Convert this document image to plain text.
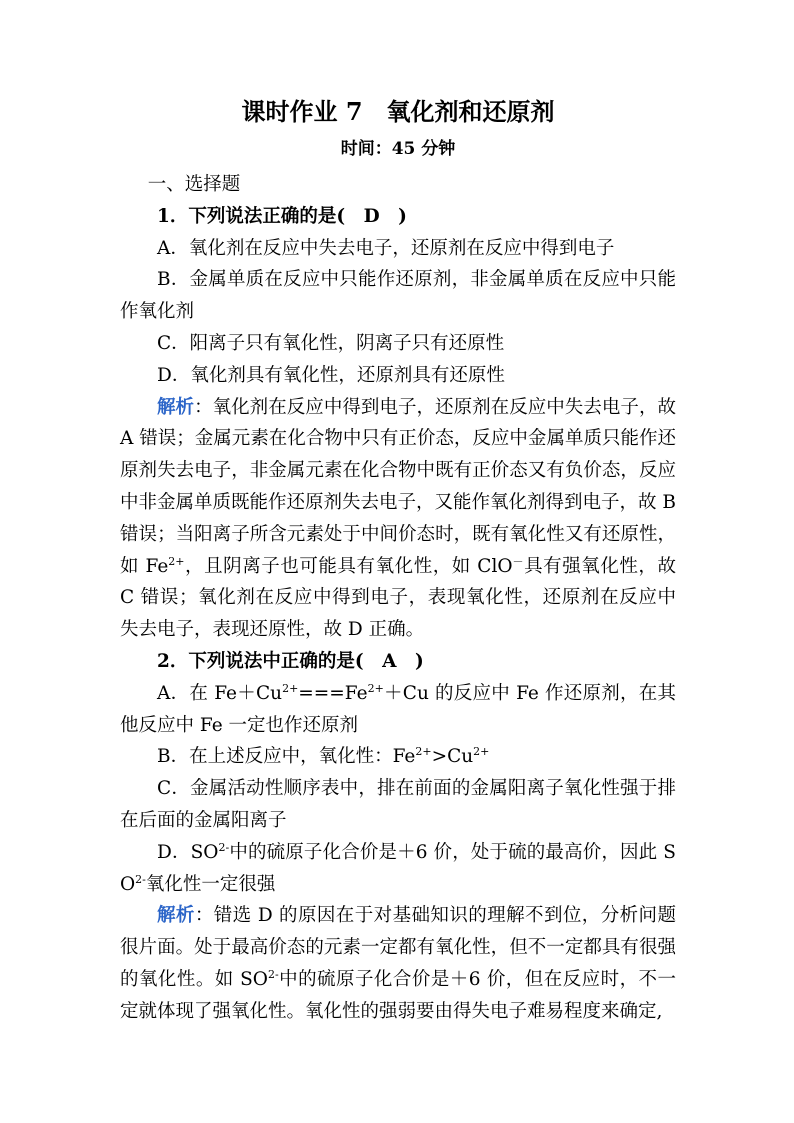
课时作业 7　氧化剂和还原剂
时间：45 分钟

一、选择题

1．下列说法正确的是(　D　)

A．氧化剂在反应中失去电子，还原剂在反应中得到电子

B．金属单质在反应中只能作还原剂，非金属单质在反应中只能作氧化剂

C．阳离子只有氧化性，阴离子只有还原性

D．氧化剂具有氧化性，还原剂具有还原性

解析：氧化剂在反应中得到电子，还原剂在反应中失去电子，故 A 错误；金属元素在化合物中只有正价态，反应中金属单质只能作还原剂失去电子，非金属元素在化合物中既有正价态又有负价态，反应中非金属单质既能作还原剂失去电子，又能作氧化剂得到电子，故 B 错误；当阳离子所含元素处于中间价态时，既有氧化性又有还原性，如 $Fe^{2+}$，且阴离子也可能具有氧化性，如 ClO－具有强氧化性，故 C 错误；氧化剂在反应中得到电子，表现氧化性，还原剂在反应中失去电子，表现还原性，故 D 正确。

2．下列说法中正确的是(　A　)

A．在 $Fe+Cu^{2+}===Fe^{2+}+Cu$ 的反应中 Fe 作还原剂，在其他反应中 Fe 一定也作还原剂

B．在上述反应中，氧化性：$Fe^{2+}>Cu^{2+}$

C．金属活动性顺序表中，排在前面的金属阳离子氧化性强于排在后面的金属阳离子

D．$SO^{2-}$中的硫原子化合价是＋6 价，处于硫的最高价，因此 $SO^{2-}$氧化性一定很强

解析：错选 D 的原因在于对基础知识的理解不到位，分析问题很片面。处于最高价态的元素一定都有氧化性，但不一定都具有很强的氧化性。如 $SO^{2-}$中的硫原子化合价是＋6 价，但在反应时，不一定就体现了强氧化性。氧化性的强弱要由得失电子难易程度来确定,
